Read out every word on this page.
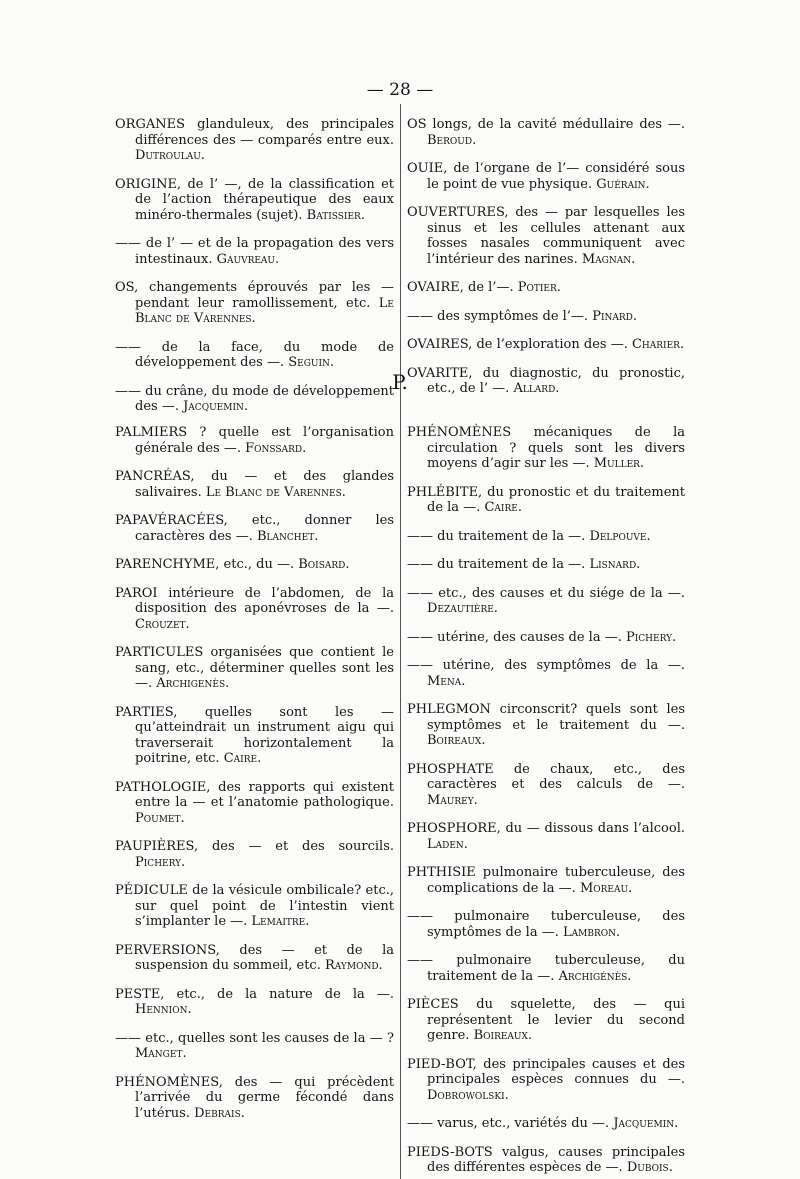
— 28 —

ORGANES glanduleux, des principales différences des — comparés entre eux. Dutroulau.

ORIGINE, de l’ —, de la classification et de l’action thérapeutique des eaux minéro-thermales (sujet). Batissier.

—— de l’ — et de la propagation des vers intestinaux. Gauvreau.

OS, changements éprouvés par les — pendant leur ramollissement, etc. Le Blanc de Varennes.

—— de la face, du mode de développement des —. Seguin.

—— du crâne, du mode de développement des —. Jacquemin.

OS longs, de la cavité médullaire des —. Beroud.

OUIE, de l’organe de l’— considéré sous le point de vue physique. Guérain.

OUVERTURES, des — par lesquelles les sinus et les cellules attenant aux fosses nasales communiquent avec l’intérieur des narines. Magnan.

OVAIRE, de l’—. Potier.

—— des symptômes de l’—. Pinard.

OVAIRES, de l’exploration des —. Charier.

OVARITE, du diagnostic, du pronostic, etc., de l’ —. Allard.

P.

PALMIERS ? quelle est l’organisation générale des —. Fonssard.

PANCRÉAS, du — et des glandes salivaires. Le Blanc de Varennes.

PAPAVÉRACÉES, etc., donner les caractères des —. Blanchet.

PARENCHYME, etc., du —. Boisard.

PAROI intérieure de l’abdomen, de la disposition des aponévroses de la —. Crouzet.

PARTICULES organisées que contient le sang, etc., déterminer quelles sont les —. Archigenès.

PARTIES, quelles sont les — qu’atteindrait un instrument aigu qui traverserait horizontalement la poitrine, etc. Caire.

PATHOLOGIE, des rapports qui existent entre la — et l’anatomie pathologique. Poumet.

PAUPIÈRES, des — et des sourcils. Pichery.

PÉDICULE de la vésicule ombilicale? etc., sur quel point de l’intestin vient s’implanter le —. Lemaitre.

PERVERSIONS, des — et de la suspension du sommeil, etc. Raymond.

PESTE, etc., de la nature de la —. Hennion.

—— etc., quelles sont les causes de la — ? Manget.

PHÉNOMÈNES, des — qui précèdent l’arrivée du germe fécondé dans l’utérus. Debrais.

PHÉNOMÈNES mécaniques de la circulation ? quels sont les divers moyens d’agir sur les —. Muller.

PHLÉBITE, du pronostic et du traitement de la —. Caire.

—— du traitement de la —. Delpouve.

—— du traitement de la —. Lisnard.

—— etc., des causes et du siége de la —. Dezautière.

—— utérine, des causes de la —. Pichery.

—— utérine, des symptômes de la —. Mena.

PHLEGMON circonscrit? quels sont les symptômes et le traitement du —. Boireaux.

PHOSPHATE de chaux, etc., des caractères et des calculs de —. Maurey.

PHOSPHORE, du — dissous dans l’alcool. Laden.

PHTHISIE pulmonaire tuberculeuse, des complications de la —. Moreau.

—— pulmonaire tuberculeuse, des symptômes de la —. Lambron.

—— pulmonaire tuberculeuse, du traitement de la —. Archigénès.

PIÈCES du squelette, des — qui représentent le levier du second genre. Boireaux.

PIED-BOT, des principales causes et des principales espèces connues du —. Dobrowolski.

—— varus, etc., variétés du —. Jacquemin.

PIEDS-BOTS valgus, causes principales des différentes espèces de —. Dubois.
